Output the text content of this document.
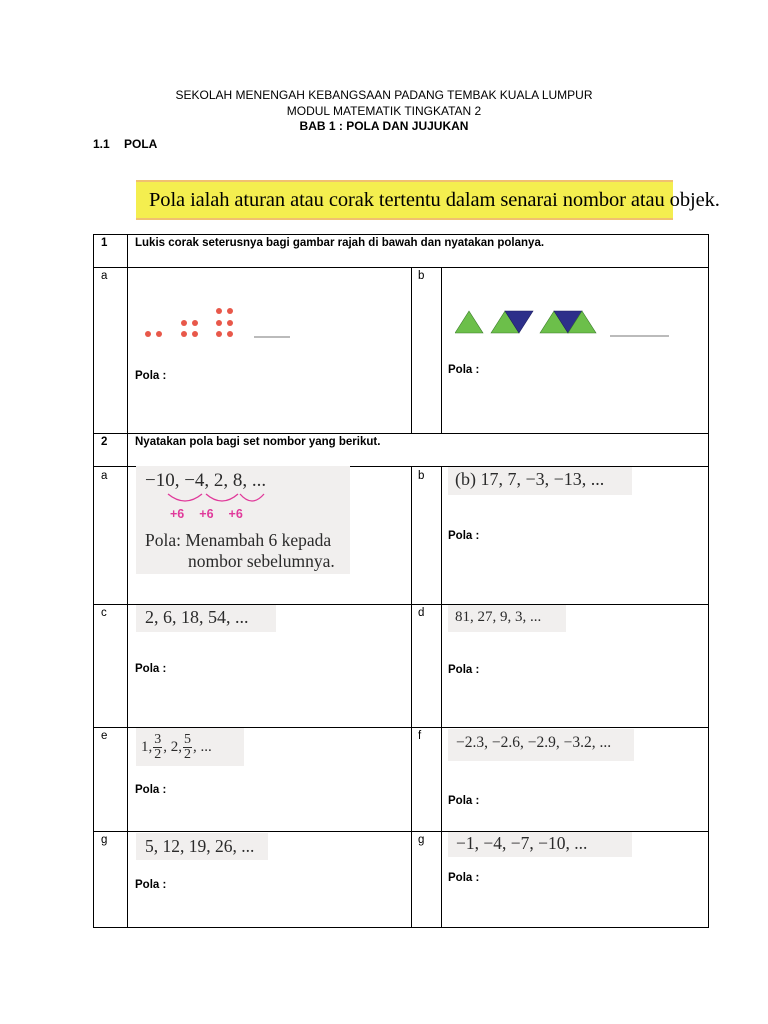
SEKOLAH MENENGAH KEBANGSAAN PADANG TEMBAK KUALA LUMPUR
MODUL MATEMATIK TINGKATAN 2
BAB 1 : POLA DAN JUJUKAN
1.1 POLA
Pola ialah aturan atau corak tertentu dalam senarai nombor atau objek.
1 Lukis corak seterusnya bagi gambar rajah di bawah dan nyatakan polanya.
a	b
Pola :	Pola :
2 Nyatakan pola bagi set nombor yang berikut.
a −10, −4, 2, 8, ...
+6 +6 +6
Pola: Menambah 6 kepada
nombor sebelumnya.
b (b) 17, 7, −3, −13, ...
Pola :
c 2, 6, 18, 54, ...
Pola :
d 81, 27, 9, 3, ...
Pola :
e
1, $\frac{3}{2}$ , 2, $\frac{5}{2}$ , ...
Pola :
f −2.3, −2.6, −2.9, −3.2, ...
Pola :
g 5, 12, 19, 26, ...
Pola :
g −1, −4, −7, −10, ...
Pola :
